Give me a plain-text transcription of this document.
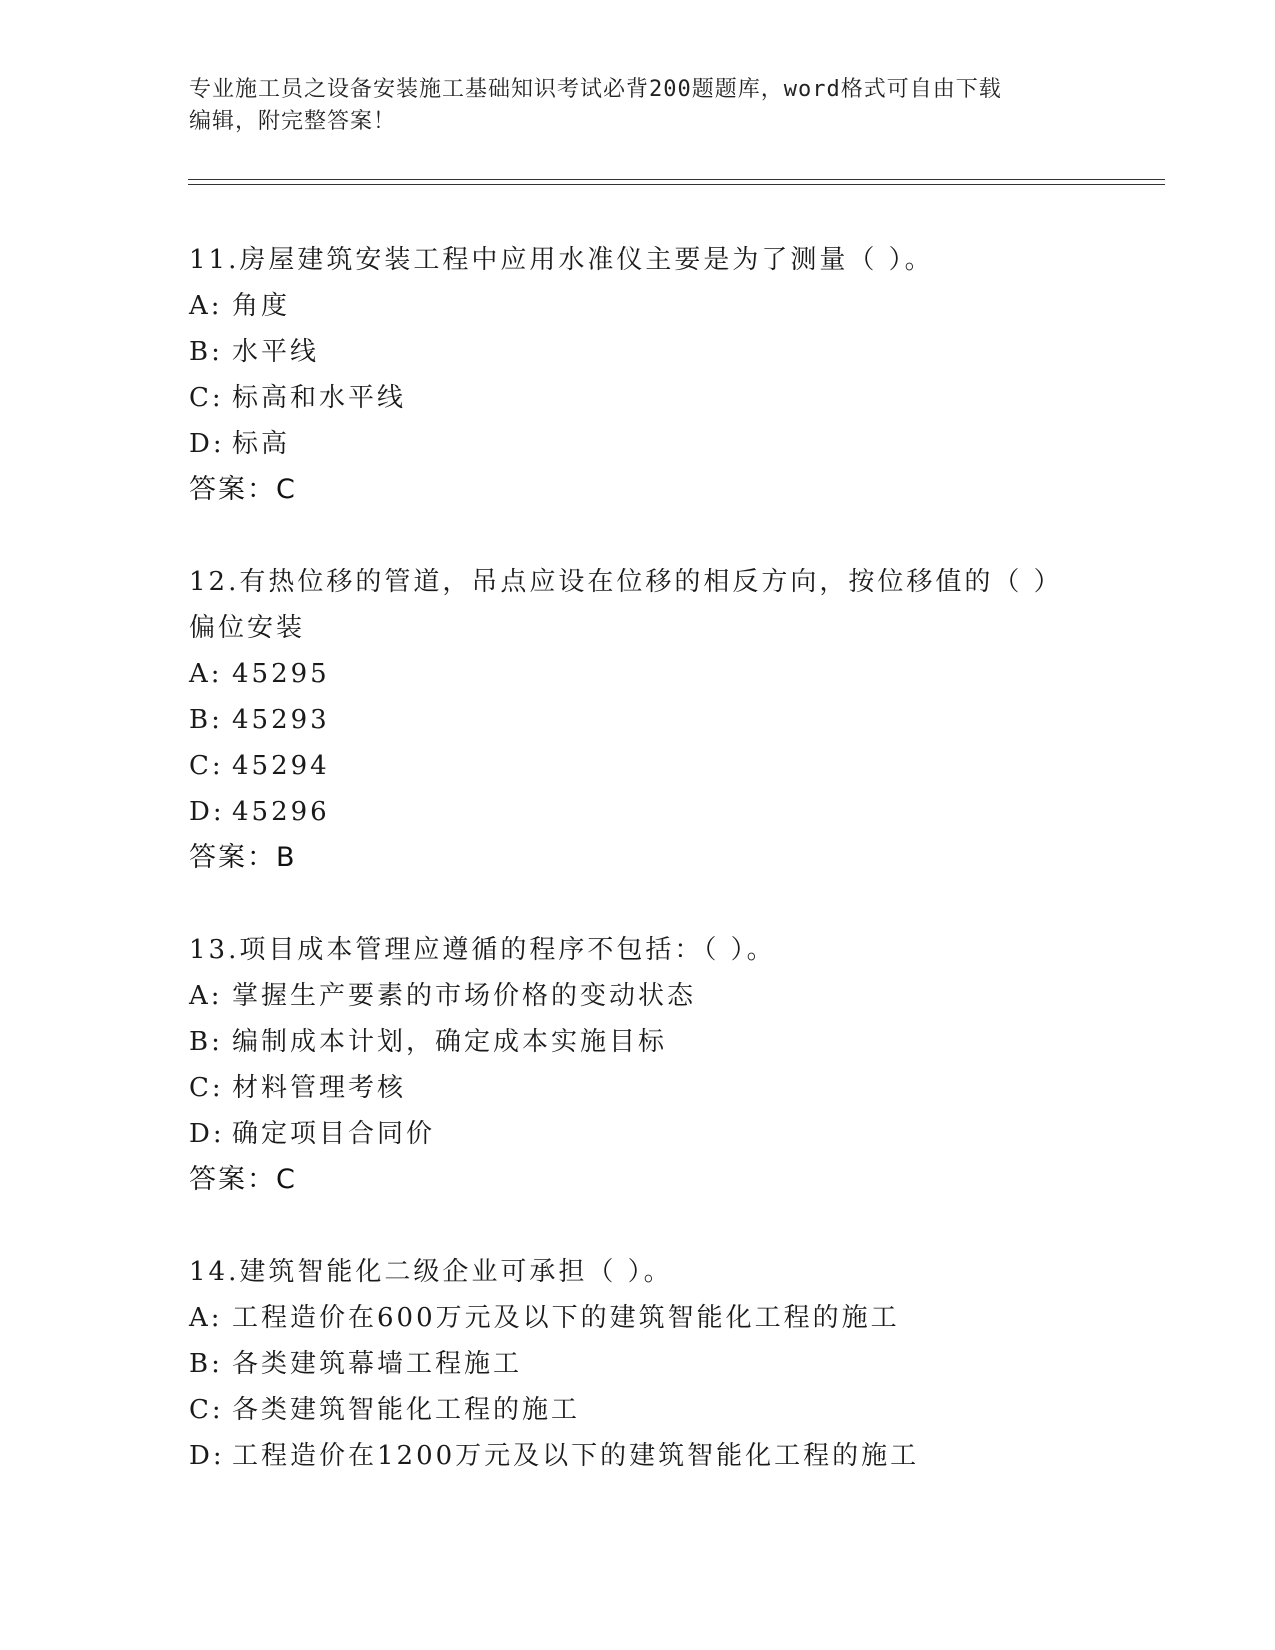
专业施工员之设备安装施工基础知识考试必背200题题库，word格式可自由下载
编辑，附完整答案！
11.房屋建筑安装工程中应用水准仪主要是为了测量（ ）。
A: 角度
B: 水平线
C: 标高和水平线
D: 标高
答案：C
12.有热位移的管道，吊点应设在位移的相反方向，按位移值的（ ）
偏位安装
A: 45295
B: 45293
C: 45294
D: 45296
答案：B
13.项目成本管理应遵循的程序不包括：（ ）。
A: 掌握生产要素的市场价格的变动状态
B: 编制成本计划，确定成本实施目标
C: 材料管理考核
D: 确定项目合同价
答案：C
14.建筑智能化二级企业可承担（ ）。
A: 工程造价在600万元及以下的建筑智能化工程的施工
B: 各类建筑幕墙工程施工
C: 各类建筑智能化工程的施工
D: 工程造价在1200万元及以下的建筑智能化工程的施工
